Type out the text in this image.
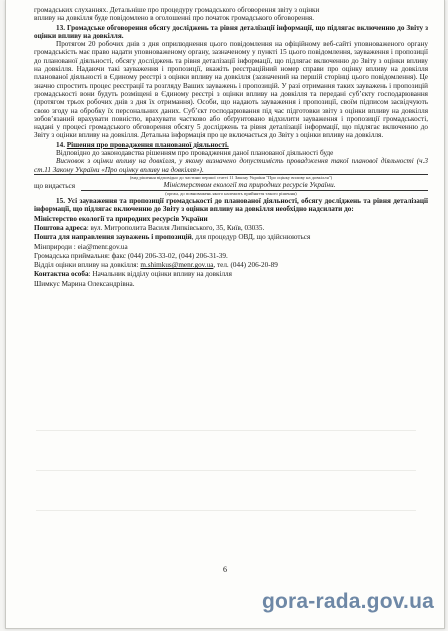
громадських слуханнях. Детальніше про процедуру громадського обговорення звіту з оцінки

впливу на довкілля буде повідомлено в оголошенні про початок громадського обговорення.

13. Громадське обговорення обсягу досліджень та рівня деталізації інформації, що підлягає включенню до Звіту з оцінки впливу на довкілля.

Протягом 20 робочих днів з дня оприлюднення цього повідомлення на офіційному веб-сайті уповноваженого органу громадськість має право надати уповноваженому органу, зазначеному у пункті 15 цього повідомлення, зауваження і пропозиції до планованої діяльності, обсягу досліджень та рівня деталізації інформації, що підлягає включенню до Звіту з оцінки впливу на довкілля. Надаючи такі зауваження і пропозиції, вкажіть реєстраційний номер справи про оцінку впливу на довкілля планованої діяльності в Єдиному реєстрі з оцінки впливу на довкілля (зазначений на першій сторінці цього повідомлення). Це значно спростить процес реєстрації та розгляду Ваших зауважень і пропозицій. У разі отримання таких зауважень і пропозицій громадськості вони будуть розміщені в Єдиному реєстрі з оцінки впливу на довкілля та передані суб’єкту господарювання (протягом трьох робочих днів з дня їх отримання). Особи, що надають зауваження і пропозиції, своїм підписом засвідчують свою згоду на обробку їх персональних даних. Суб’єкт господарювання під час підготовки звіту з оцінки впливу на довкілля зобов’язаний врахувати повністю, врахувати частково або обґрунтовано відхилити зауваження і пропозиції громадськості, надані у процесі громадського обговорення обсягу 5 досліджень та рівня деталізації інформації, що підлягає включенню до Звіту з оцінки впливу на довкілля. Детальна інформація про це включається до Звіту з оцінки впливу на довкілля.

14. Рішення про провадження планованої діяльності.

Відповідно до законодавства рішенням про провадження даної планованої діяльності буде

Висновок з оцінки впливу на довкілля, у якому визначено допустимість провадження такої планової діяльності (ч.3 ст.11 Закону України «Про оцінку впливу на довкілля»).

(вид рішення відповідно до частини першої статті 11 Закону України "Про оцінку впливу на довкілля")

що видається	Міністерством екології та природних ресурсів України.

(орган, до повноважень якого належить прийняття такого рішення)

15. Усі зауваження та пропозиції громадськості до планованої діяльності, обсягу досліджень та рівня деталізації інформації, що підлягає включенню до Звіту з оцінки впливу на довкілля необхідно надсилати до:

Міністерство екології та природних ресурсів України

Поштова адреса: вул. Митрополита Василя Липківського, 35, Київ, 03035.

Пошта для направлення зауважень і пропозицій, для процедур ОВД, що здійснюються

Мінприроди : eia@menr.gov.ua

Громадська приймальня: факс (044) 206-33-02, (044) 206-31-39.

Відділ оцінки впливу на довкілля: m.shimkus@menr.gov.ua, тел. (044) 206-20-89

Контактна особа: Начальник відділу оцінки впливу на довкілля

Шимкус Марина Олександрівна.

6
gora-rada.gov.ua
